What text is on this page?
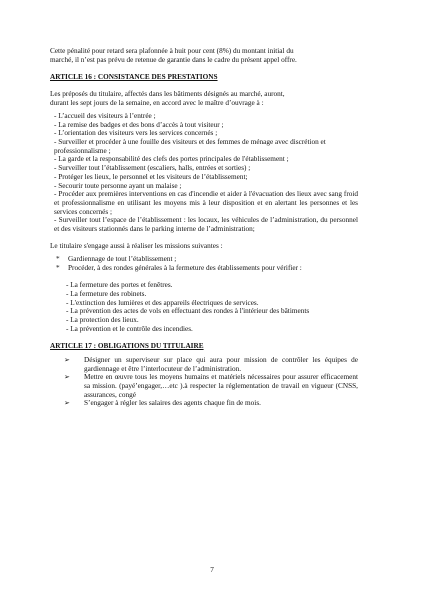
Cette pénalité pour retard sera plafonnée à huit pour cent (8%) du montant initial du

marché, il n’est pas prévu de retenue de garantie dans le cadre du présent appel offre.

ARTICLE 16 : CONSISTANCE DES PRESTATIONS

Les préposés du titulaire, affectés dans les bâtiments désignés au marché, auront,

durant les sept jours de la semaine, en accord avec le maître d’ouvrage à :

- L’accueil des visiteurs à l’entrée ;

- La remise des badges et des bons d’accès à tout visiteur ;

- L’orientation des visiteurs vers les services concernés ;

- Surveiller et procéder à une fouille des visiteurs et des femmes de ménage avec discrétion et professionnalisme ;

- La garde et la responsabilité des clefs des portes principales de l'établissement ;

- Surveiller tout l’établissement (escaliers, halls, entrées et sorties) ;

- Protéger les lieux, le personnel et les visiteurs de l’établissement;

- Secourir toute personne ayant un malaise ;

- Procéder aux premières interventions en cas d'incendie et aider à l'évacuation des lieux avec sang froid et professionnalisme en utilisant les moyens mis à leur disposition et en alertant les personnes et les services concernés ;

- Surveiller tout l’espace de l’établissement : les locaux, les véhicules de l’administration, du personnel et des visiteurs stationnés dans le parking interne de l’administration;

Le titulaire s'engage aussi à réaliser les missions suivantes :

*	Gardiennage de tout l’établissement ;
*	Procéder, à des rondes générales à la fermeture des établissements pour vérifier :

- La fermeture des portes et fenêtres.

- La fermeture des robinets.

- L'extinction des lumières et des appareils électriques de services.

- La prévention des actes de vols en effectuant des rondes à l'intérieur des bâtiments

- La protection des lieux.

- La prévention et le contrôle des incendies.

ARTICLE 17 : OBLIGATIONS DU TITULAIRE

➢	Désigner un superviseur sur place qui aura pour mission de contrôler les équipes de gardiennage et être l’interlocuteur de l’administration.
➢	Mettre en œuvre tous les moyens humains et matériels nécessaires pour assurer efficacement sa mission. (payé’engager,…etc ).à respecter la réglementation de travail en vigueur (CNSS, assurances, congé
➢	S’engager à régler les salaires des agents chaque fin de mois.
7
